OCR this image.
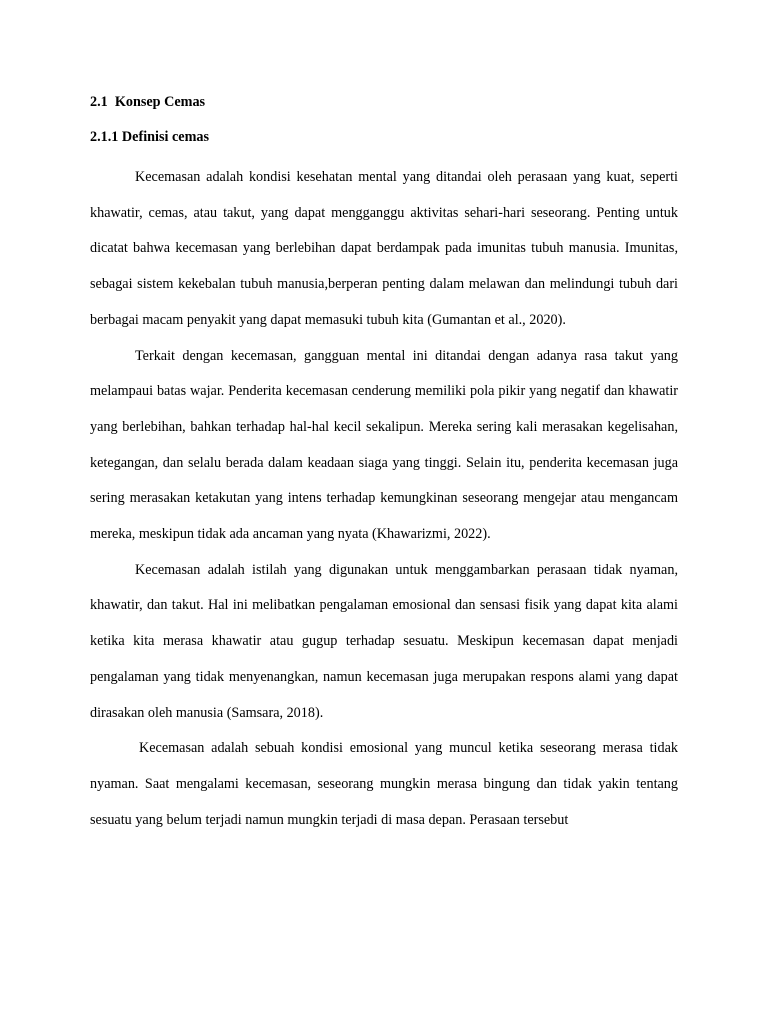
2.1  Konsep Cemas
2.1.1 Definisi cemas

Kecemasan adalah kondisi kesehatan mental yang ditandai oleh perasaan yang kuat, seperti khawatir, cemas, atau takut, yang dapat mengganggu aktivitas sehari-hari seseorang. Penting untuk dicatat bahwa kecemasan yang berlebihan dapat berdampak pada imunitas tubuh manusia. Imunitas, sebagai sistem kekebalan tubuh manusia,berperan penting dalam melawan dan melindungi tubuh dari berbagai macam penyakit yang dapat memasuki tubuh kita (Gumantan et al., 2020).

Terkait dengan kecemasan, gangguan mental ini ditandai dengan adanya rasa takut yang melampaui batas wajar. Penderita kecemasan cenderung memiliki pola pikir yang negatif dan khawatir yang berlebihan, bahkan terhadap hal-hal kecil sekalipun. Mereka sering kali merasakan kegelisahan, ketegangan, dan selalu berada dalam keadaan siaga yang tinggi. Selain itu, penderita kecemasan juga sering merasakan ketakutan yang intens terhadap kemungkinan seseorang mengejar atau mengancam mereka, meskipun tidak ada ancaman yang nyata (Khawarizmi, 2022).

Kecemasan adalah istilah yang digunakan untuk menggambarkan perasaan tidak nyaman, khawatir, dan takut. Hal ini melibatkan pengalaman emosional dan sensasi fisik yang dapat kita alami ketika kita merasa khawatir atau gugup terhadap sesuatu. Meskipun kecemasan dapat menjadi pengalaman yang tidak menyenangkan, namun kecemasan juga merupakan respons alami yang dapat dirasakan oleh manusia (Samsara, 2018).

Kecemasan adalah sebuah kondisi emosional yang muncul ketika seseorang merasa tidak nyaman. Saat mengalami kecemasan, seseorang mungkin merasa bingung dan tidak yakin tentang sesuatu yang belum terjadi namun mungkin terjadi di masa depan. Perasaan tersebut
